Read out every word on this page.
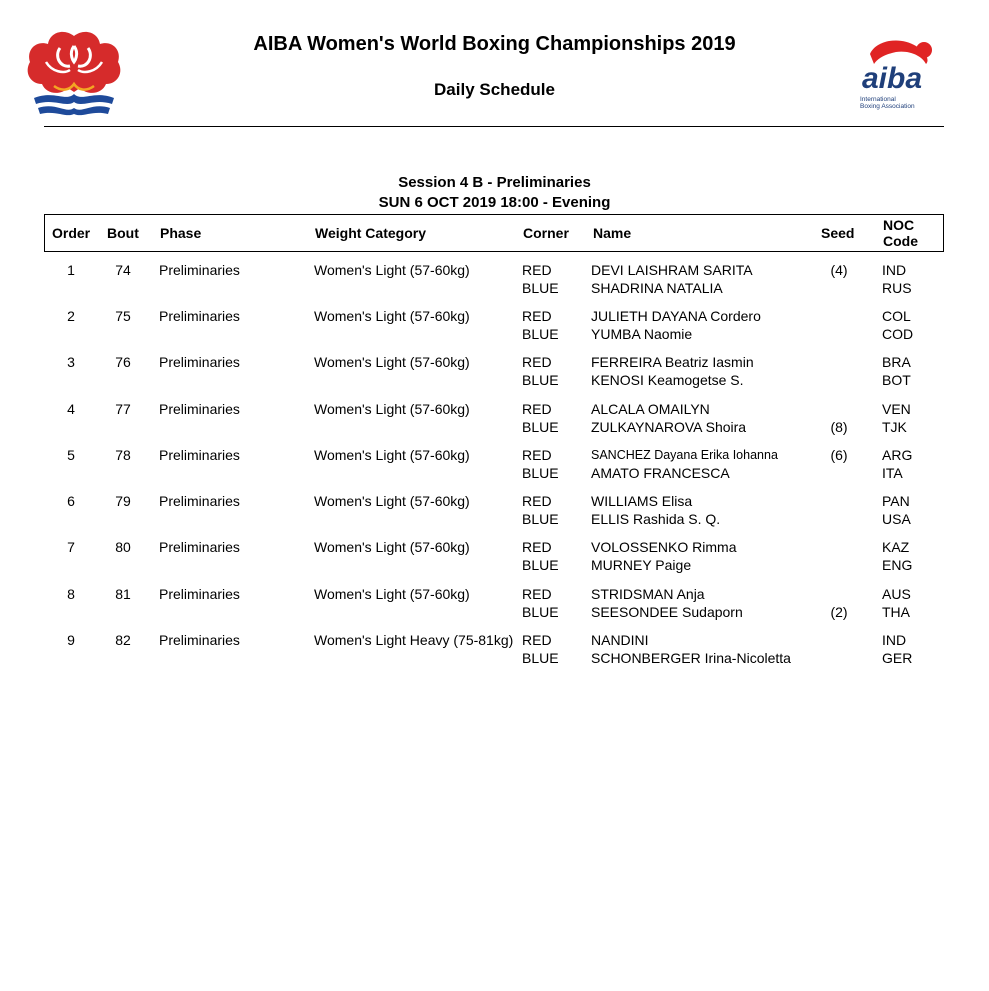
AIBA Women's World Boxing Championships 2019
Daily Schedule	aiba
International
Boxing Association
Session 4 B - Preliminaries
SUN 6 OCT 2019 18:00 - Evening
Order Bout Phase	Weight Category	Corner Name	Seed NOC
Code
1	74	Preliminaries	Women's Light (57-60kg)	RED	DEVI LAISHRAM SARITA	(4)	IND
BLUE SHADRINA NATALIA	RUS
2	75	Preliminaries	Women's Light (57-60kg)	RED	JULIETH DAYANA Cordero	COL
BLUE YUMBA Naomie	COD
3	76	Preliminaries	Women's Light (57-60kg)	RED	FERREIRA Beatriz Iasmin	BRA
BLUE KENOSI Keamogetse S.	BOT
4	77	Preliminaries	Women's Light (57-60kg)	RED	ALCALA OMAILYN	VEN
BLUE ZULKAYNAROVA Shoira	(8)	TJK
5	78	Preliminaries	Women's Light (57-60kg)	RED	SANCHEZ Dayana Erika Iohanna	(6)	ARG
BLUE AMATO FRANCESCA	ITA
6	79	Preliminaries	Women's Light (57-60kg)	RED	WILLIAMS Elisa	PAN
BLUE ELLIS Rashida S. Q.	USA
7	80	Preliminaries	Women's Light (57-60kg)	RED	VOLOSSENKO Rimma	KAZ
BLUE MURNEY Paige	ENG
8	81	Preliminaries	Women's Light (57-60kg)	RED	STRIDSMAN Anja	AUS
BLUE SEESONDEE Sudaporn	(2)	THA
9	82	Preliminaries	Women's Light Heavy (75-81kg) RED	NANDINI	IND
BLUE SCHONBERGER Irina-Nicoletta	GER
